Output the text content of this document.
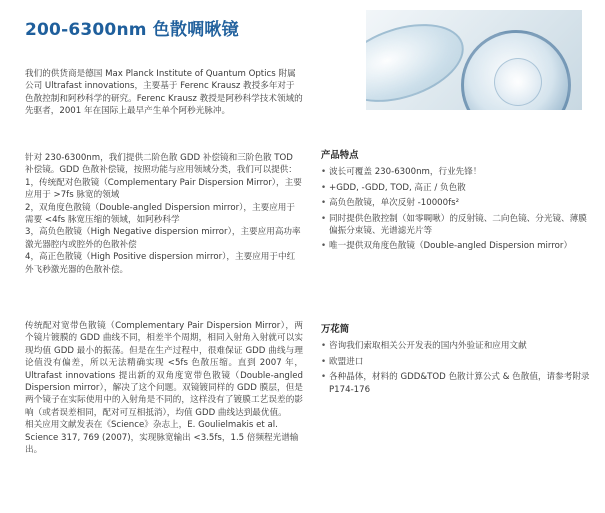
200-6300nm 色散啁啾镜

我们的供货商是德国 Max Planck Institute of Quantum Optics 附属公司 Ultrafast innovations，主要基于 Ferenc Krausz 教授多年对于色散控制和阿秒科学的研究。Ferenc Krausz 教授是阿秒科学技术领域的先驱者，2001 年在国际上最早产生单个阿秒光脉冲。

针对 230-6300nm，我们提供二阶色散 GDD 补偿镜和三阶色散 TOD 补偿镜。GDD 色散补偿镜，按照功能与应用领域分类，我们可以提供：

1，传统配对色散镜（Complementary Pair Dispersion Mirror），主要应用于 >7fs 脉宽的领域

2，双角度色散镜（Double-angled Dispersion mirror），主要应用于需要 <4fs 脉宽压缩的领域，如阿秒科学

3，高负色散镜（High Negative dispersion mirror），主要应用高功率激光器腔内或腔外的色散补偿

4，高正色散镜（High Positive dispersion mirror），主要应用于中红外飞秒激光器的色散补偿。

传统配对宽带色散镜（Complementary Pair Dispersion Mirror），两个镜片镀膜的 GDD 曲线不同，相差半个周期，相同入射角入射就可以实现均值 GDD 最小的振荡。但是在生产过程中，很难保证 GDD 曲线与理论值没有偏差，所以无法精确实现 <5fs 色散压缩。直到 2007 年，Ultrafast innovations 提出新的双角度宽带色散镜（Double-angled Dispersion mirror），解决了这个问题。双镜镀同样的 GDD 膜层，但是两个镜子在实际使用中的入射角是不同的，这样没有了镀膜工艺误差的影响（或者误差相同，配对可互相抵消），均值 GDD 曲线达到最优值。

相关应用文献发表在《Science》杂志上，E. Goulielmakis et al. Science 317, 769 (2007)，实现脉宽输出 <3.5fs，1.5 倍频程光谱输出。

产品特点
• 波长可覆盖 230-6300nm，行业先锋！
• +GDD, -GDD, TOD, 高正 / 负色散
• 高负色散镜，单次反射 -10000fs²
• 同时提供色散控制（如零啁啾）的反射镜、二向色镜、分光镜、薄膜偏振分束镜、光谱滤光片等
• 唯一提供双角度色散镜（Double-angled Dispersion mirror）
万花筒
• 咨询我们索取相关公开发表的国内外验证和应用文献
• 欧盟进口
• 各种晶体，材料的 GDD&TOD 色散计算公式 & 色散值，请参考附录 P174-176
